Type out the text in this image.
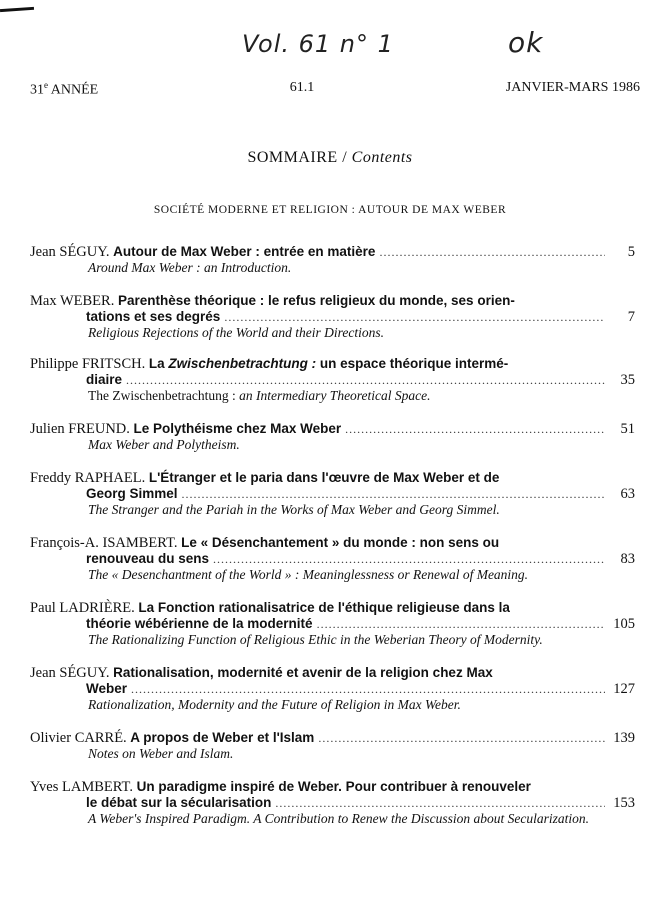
Vol. 61 n° 1	ok
31e ANNÉE	61.1	JANVIER-MARS 1986
SOMMAIRE / Contents
SOCIÉTÉ MODERNE ET RELIGION : AUTOUR DE MAX WEBER
Jean SÉGUY. Autour de Max Weber : entrée en matière .....	5
Around Max Weber : an Introduction.
Max WEBER. Parenthèse théorique : le refus religieux du monde, ses orien-
tations et ses degrés .....	7
Religious Rejections of the World and their Directions.
Philippe FRITSCH. La Zwischenbetrachtung : un espace théorique intermé-
diaire .....	35
The Zwischenbetrachtung : an Intermediary Theoretical Space.
Julien FREUND. Le Polythéisme chez Max Weber .....	51
Max Weber and Polytheism.
Freddy RAPHAEL. L'Étranger et le paria dans l'œuvre de Max Weber et de
Georg Simmel .....	63
The Stranger and the Pariah in the Works of Max Weber and Georg Simmel.
François-A. ISAMBERT. Le « Désenchantement » du monde : non sens ou
renouveau du sens .....	83
The « Desenchantment of the World » : Meaninglessness or Renewal of Meaning.
Paul LADRIÈRE. La Fonction rationalisatrice de l'éthique religieuse dans la
théorie wébérienne de la modernité .....	105
The Rationalizing Function of Religious Ethic in the Weberian Theory of Modernity.
Jean SÉGUY. Rationalisation, modernité et avenir de la religion chez Max
Weber .....	127
Rationalization, Modernity and the Future of Religion in Max Weber.
Olivier CARRÉ. A propos de Weber et l'Islam .....	139
Notes on Weber and Islam.
Yves LAMBERT. Un paradigme inspiré de Weber. Pour contribuer à renouveler
le débat sur la sécularisation .....	153
A Weber's Inspired Paradigm. A Contribution to Renew the Discussion about Secularization.
